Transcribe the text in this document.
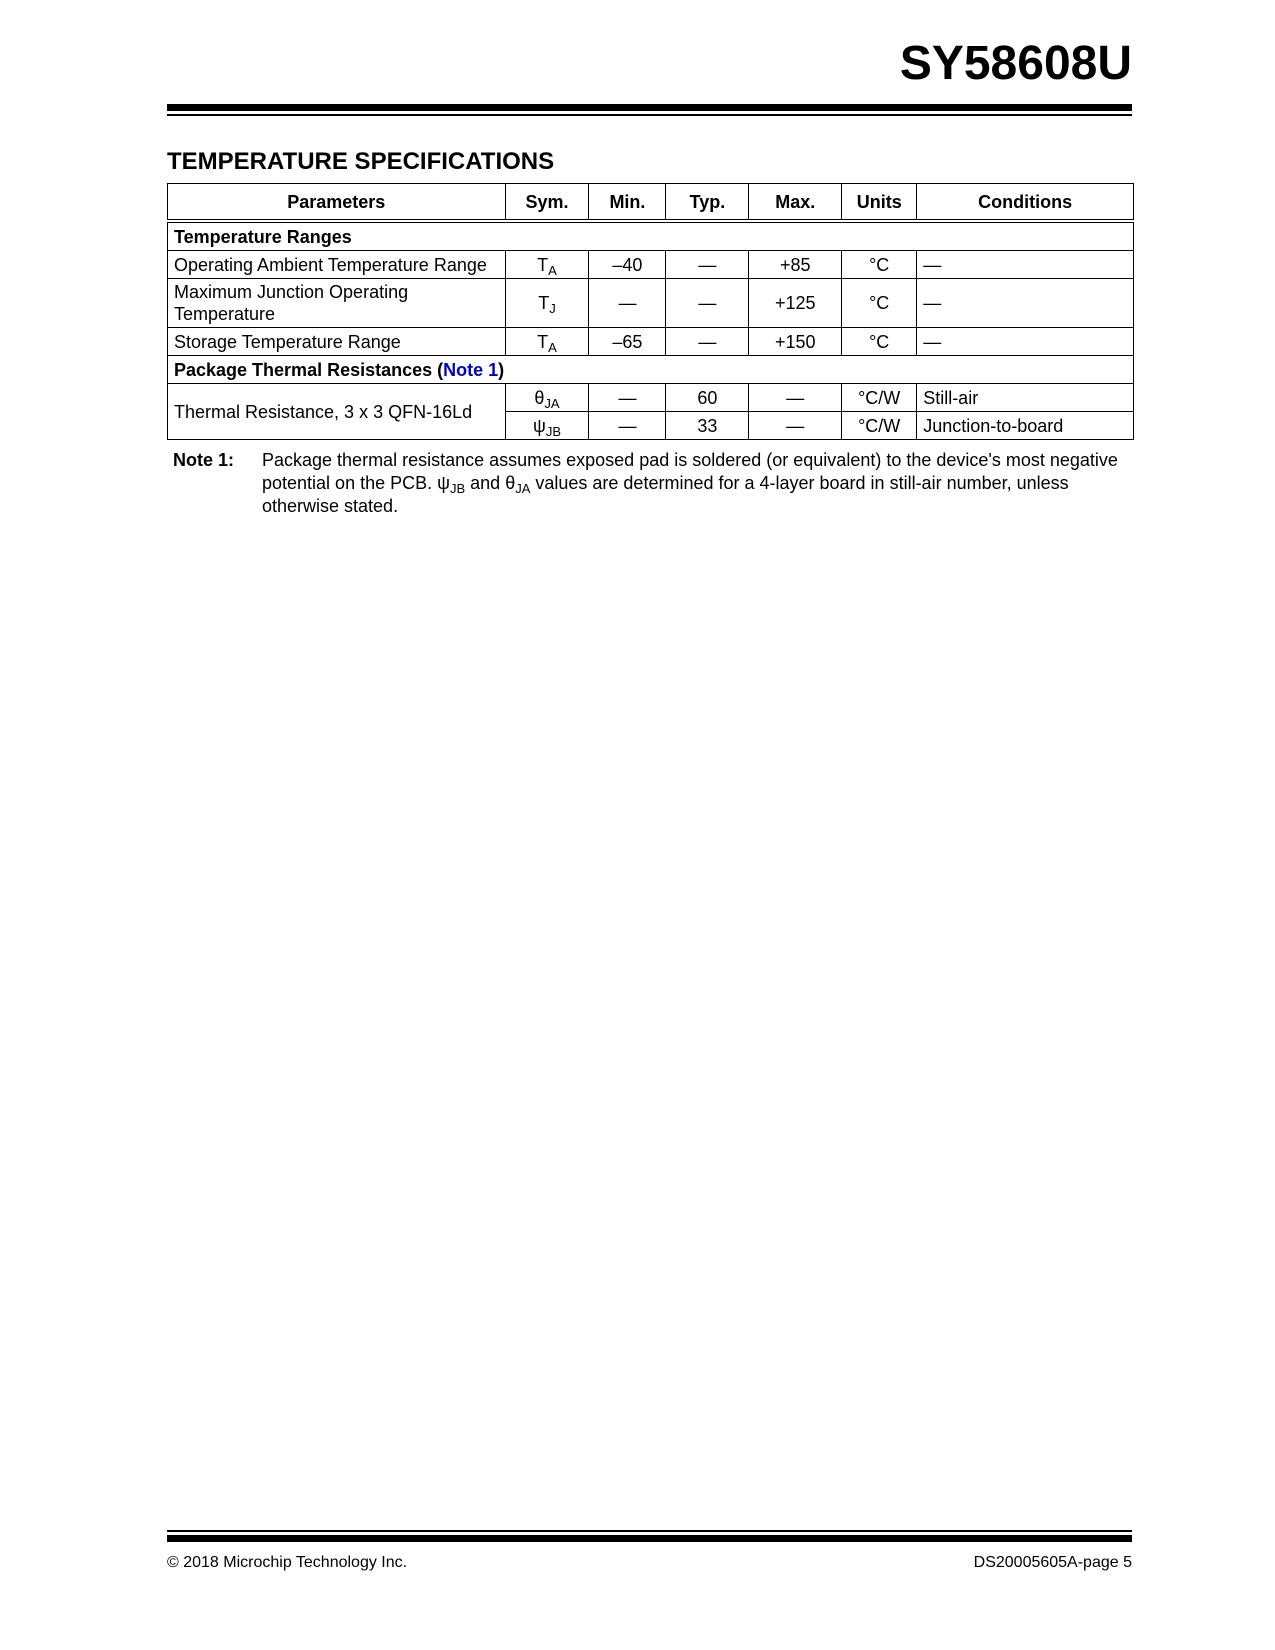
SY58608U
TEMPERATURE SPECIFICATIONS
Parameters	Sym.	Min.	Typ.	Max.	Units	Conditions
Temperature Ranges						
Operating Ambient Temperature Range	$T_A$	–40	—	+85	°C	—
Maximum Junction Operating Temperature	$T_J$	—	—	+125	°C	—
Storage Temperature Range	$T_A$	–65	—	+150	°C	—
Package Thermal Resistances (Note 1)						
Thermal Resistance, 3 x 3 QFN-16Ld	$\theta_{JA}$	—	60	—	°C/W	Still-air
	$\psi_{JB}$	—	33	—	°C/W	Junction-to-board
Note 1: Package thermal resistance assumes exposed pad is soldered (or equivalent) to the device's most negative potential on the PCB. $\psi_{JB}$ and $\theta_{JA}$ values are determined for a 4-layer board in still-air number, unless otherwise stated.
© 2018 Microchip Technology Inc.	DS20005605A-page 5
